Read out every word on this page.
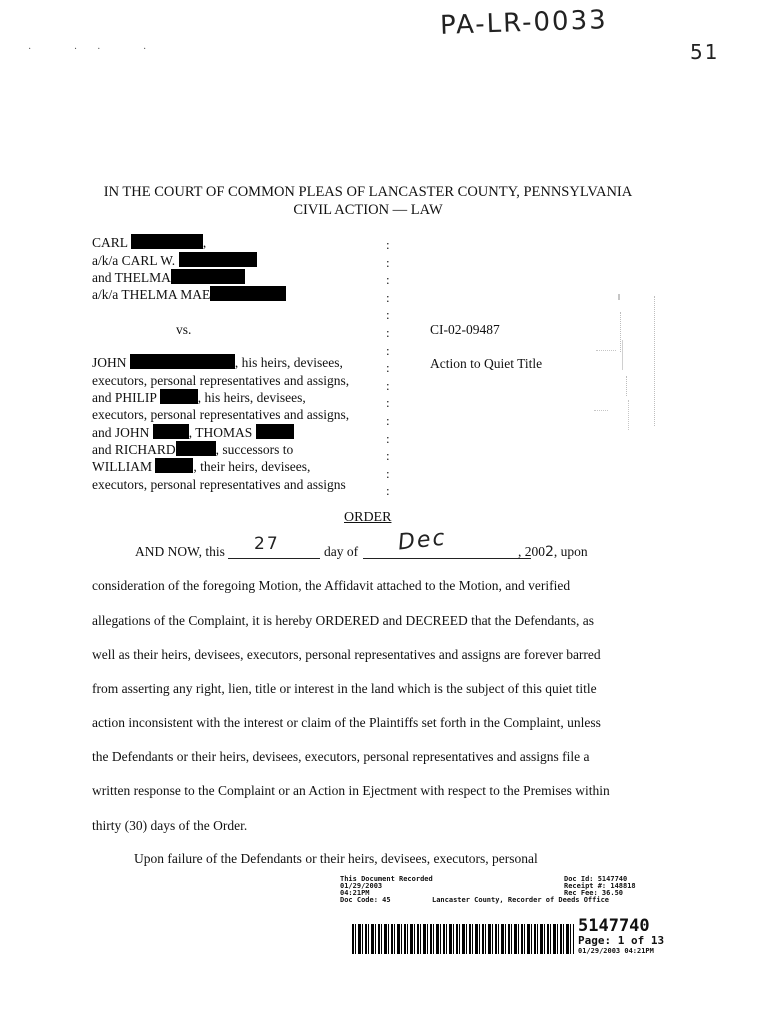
PA-LR-0033
51
· ·· ·
IN THE COURT OF COMMON PLEAS OF LANCASTER COUNTY, PENNSYLVANIA
CIVIL ACTION — LAW
CARL	,
a/k/a CARL W.
and THELMA
a/k/a THELMA MAE
vs.
:
:
:
:
:
:
:
:
:
:
:
:
:
:
:
CI-02-09487
Action to Quiet Title
JOHN	, his heirs, devisees,
executors, personal representatives and assigns,
and PHILIP	, his heirs, devisees,
executors, personal representatives and assigns,
and JOHN	, THOMAS
and RICHARD	, successors to
WILLIAM	, their heirs, devisees,
executors, personal representatives and assigns
ORDER
AND NOW, this 27	day of Dec	, 2002, upon
consideration of the foregoing Motion, the Affidavit attached to the Motion, and verified
allegations of the Complaint, it is hereby ORDERED and DECREED that the Defendants, as
well as their heirs, devisees, executors, personal representatives and assigns are forever barred
from asserting any right, lien, title or interest in the land which is the subject of this quiet title
action inconsistent with the interest or claim of the Plaintiffs set forth in the Complaint, unless
the Defendants or their heirs, devisees, executors, personal representatives and assigns file a
written response to the Complaint or an Action in Ejectment with respect to the Premises within
thirty (30) days of the Order.
Upon failure of the Defendants or their heirs, devisees, executors, personal
This Document Recorded
01/29/2003
04:21PM
Doc Code: 45	Lancaster County, Recorder of Deeds Office
Doc Id: 5147740
Receipt #: 148818
Rec Fee: 36.50
5147740
Page: 1 of 13
01/29/2003 04:21PM
